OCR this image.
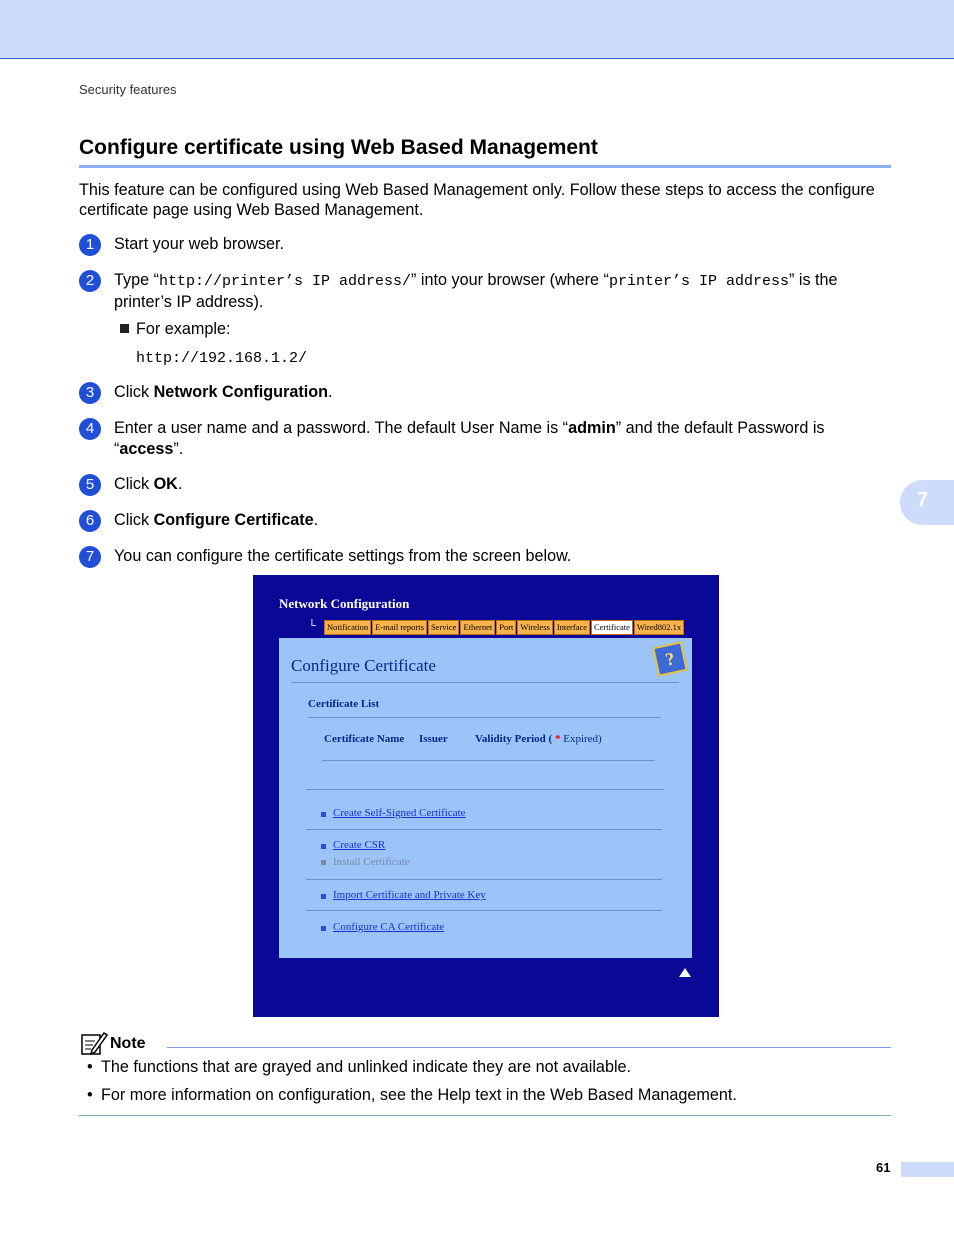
Security features
Configure certificate using Web Based Management
This feature can be configured using Web Based Management only. Follow these steps to access the configure certificate page using Web Based Management.
1	Start your web browser.
2	Type “http://printer’s IP address/” into your browser (where “printer’s IP address” is the printer’s IP address).
For example:
http://192.168.1.2/
3	Click Network Configuration.
4	Enter a user name and a password. The default User Name is “admin” and the default Password is “access”.
5	Click OK.
6	Click Configure Certificate.
7	You can configure the certificate settings from the screen below.
7
Network Configuration
└	Notification E-mail reports Service Ethernet Port Wireless Interface Certificate Wired802.1x
Configure Certificate	?
Certificate List
Certificate Name Issuer Validity Period ( * Expired)
Create Self-Signed Certificate
Create CSR
Install Certificate
Import Certificate and Private Key
Configure CA Certificate
Note
• The functions that are grayed and unlinked indicate they are not available.
• For more information on configuration, see the Help text in the Web Based Management.
61
